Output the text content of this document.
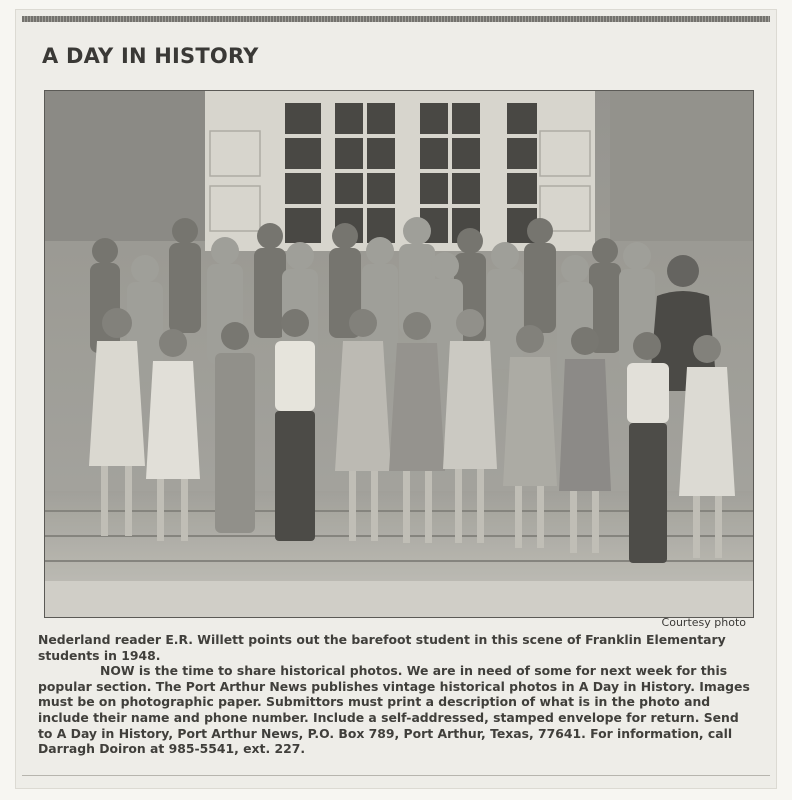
A DAY IN HISTORY
Courtesy photo

Nederland reader E.R. Willett points out the barefoot student in this scene of Franklin Elementary students in 1948.

NOW is the time to share historical photos. We are in need of some for next week for this popular section. The Port Arthur News publishes vintage historical photos in A Day in History. Images must be on photographic paper. Submittors must print a description of what is in the photo and include their name and phone number. Include a self-addressed, stamped envelope for return. Send to A Day in History, Port Arthur News, P.O. Box 789, Port Arthur, Texas, 77641. For information, call Darragh Doiron at 985-5541, ext. 227.
